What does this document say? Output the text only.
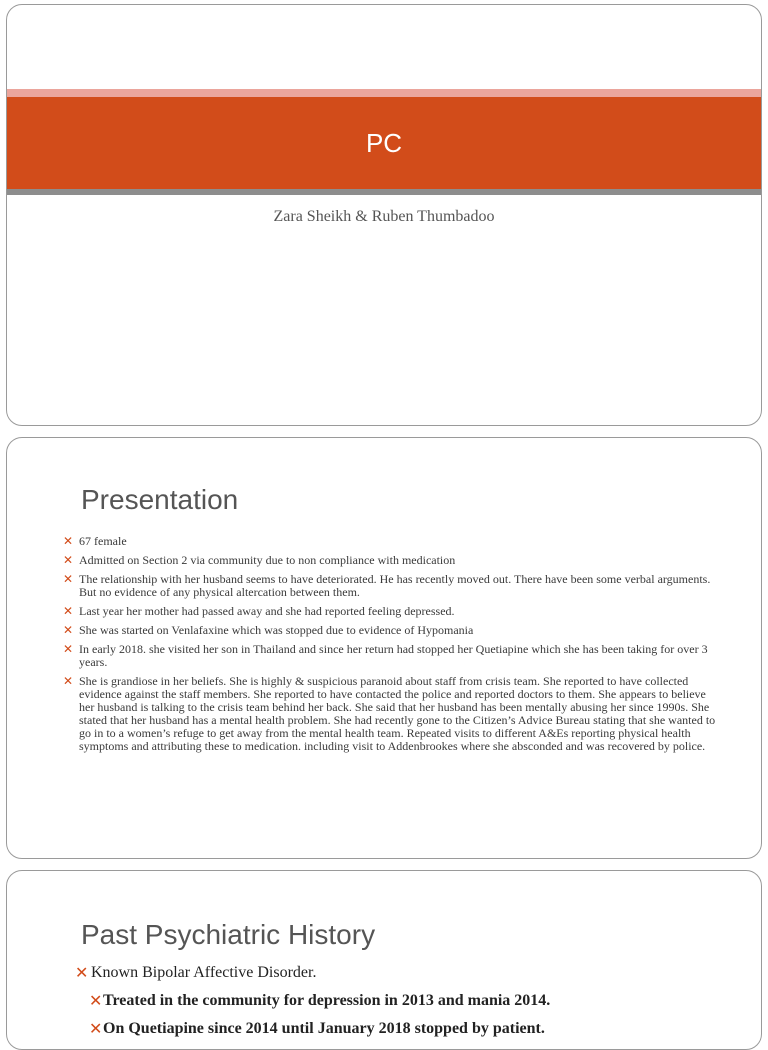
PC
Zara Sheikh & Ruben Thumbadoo
Presentation
✕ 67 female
✕ Admitted on Section 2 via community due to non compliance with medication
✕ The relationship with her husband seems to have deteriorated. He has recently moved out. There have been some verbal arguments. But no evidence of any physical altercation between them.
✕ Last year her mother had passed away and she had reported feeling depressed.
✕ She was started on Venlafaxine which was stopped due to evidence of Hypomania
✕ In early 2018. she visited her son in Thailand and since her return had stopped her Quetiapine which she has been taking for over 3 years.
✕ She is grandiose in her beliefs. She is highly & suspicious paranoid about staff from crisis team. She reported to have collected evidence against the staff members. She reported to have contacted the police and reported doctors to them. She appears to believe her husband is talking to the crisis team behind her back. She said that her husband has been mentally abusing her since 1990s. She stated that her husband has a mental health problem. She had recently gone to the Citizen’s Advice Bureau stating that she wanted to go in to a women’s refuge to get away from the mental health team. Repeated visits to different A&Es reporting physical health symptoms and attributing these to medication. including visit to Addenbrookes where she absconded and was recovered by police.
Past Psychiatric History
✕ Known Bipolar Affective Disorder.
✕ Treated in the community for depression in 2013 and mania 2014.
✕ On Quetiapine since 2014 until January 2018 stopped by patient.
